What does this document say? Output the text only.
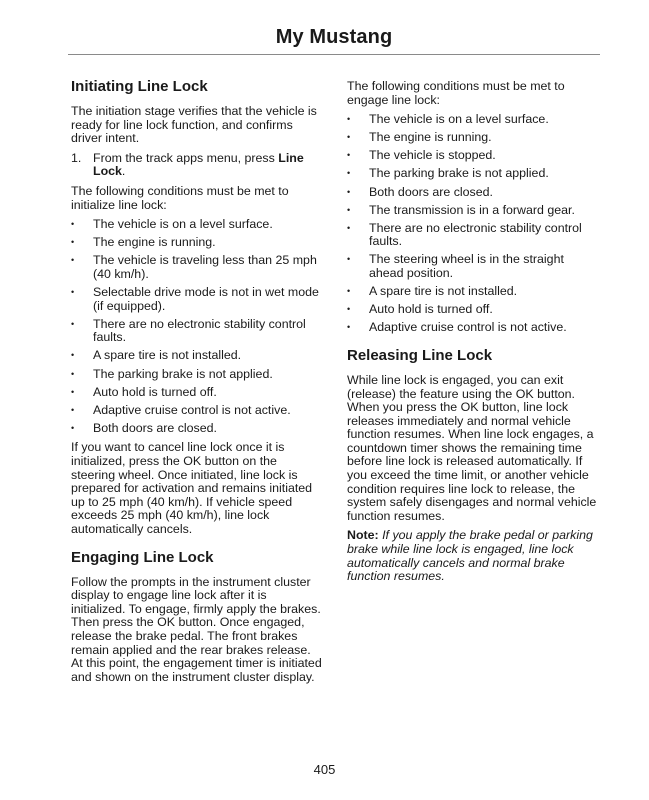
My Mustang
Initiating Line Lock

The initiation stage verifies that the vehicle is ready for line lock function, and confirms driver intent.

1. From the track apps menu, press Line Lock.

The following conditions must be met to initialize line lock:

• The vehicle is on a level surface.
• The engine is running.
• The vehicle is traveling less than 25 mph (40 km/h).
• Selectable drive mode is not in wet mode (if equipped).
• There are no electronic stability control faults.
• A spare tire is not installed.
• The parking brake is not applied.
• Auto hold is turned off.
• Adaptive cruise control is not active.
• Both doors are closed.

If you want to cancel line lock once it is initialized, press the OK button on the steering wheel. Once initiated, line lock is prepared for activation and remains initiated up to 25 mph (40 km/h). If vehicle speed exceeds 25 mph (40 km/h), line lock automatically cancels.

Engaging Line Lock

Follow the prompts in the instrument cluster display to engage line lock after it is initialized. To engage, firmly apply the brakes. Then press the OK button. Once engaged, release the brake pedal. The front brakes remain applied and the rear brakes release. At this point, the engagement timer is initiated and shown on the instrument cluster display.

The following conditions must be met to engage line lock:

• The vehicle is on a level surface.
• The engine is running.
• The vehicle is stopped.
• The parking brake is not applied.
• Both doors are closed.
• The transmission is in a forward gear.
• There are no electronic stability control faults.
• The steering wheel is in the straight ahead position.
• A spare tire is not installed.
• Auto hold is turned off.
• Adaptive cruise control is not active.
Releasing Line Lock

While line lock is engaged, you can exit (release) the feature using the OK button. When you press the OK button, line lock releases immediately and normal vehicle function resumes. When line lock engages, a countdown timer shows the remaining time before line lock is released automatically. If you exceed the time limit, or another vehicle condition requires line lock to release, the system safely disengages and normal vehicle function resumes.

Note: If you apply the brake pedal or parking brake while line lock is engaged, line lock automatically cancels and normal brake function resumes.

405
